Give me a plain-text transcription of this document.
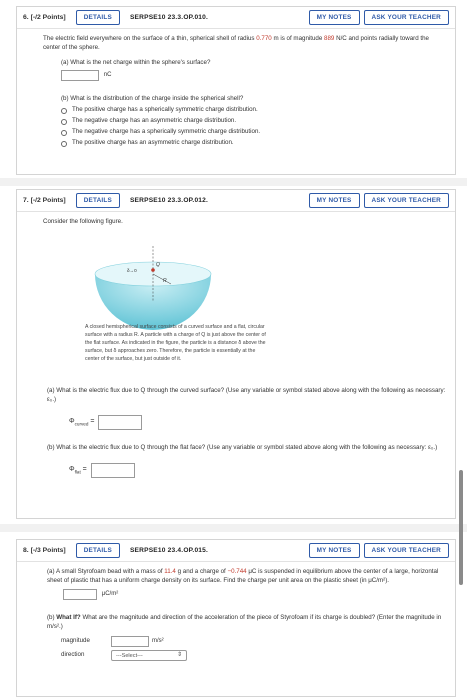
6. [-/2 Points]	DETAILS	SERPSE10 23.3.OP.010.	MY NOTES	ASK YOUR TEACHER
The electric field everywhere on the surface of a thin, spherical shell of radius 0.770 m is of magnitude 889 N/C and points radially toward the center of the sphere.
(a) What is the net charge within the sphere's surface?
nC
(b) What is the distribution of the charge inside the spherical shell?
The positive charge has a spherically symmetric charge distribution.
The negative charge has an asymmetric charge distribution.
The negative charge has a spherically symmetric charge distribution.
The positive charge has an asymmetric charge distribution.
7. [-/2 Points]	DETAILS	SERPSE10 23.3.OP.012.	MY NOTES	ASK YOUR TEACHER
Consider the following figure.
δ→0
Q
R
A closed hemispherical surface consists of a curved surface and a flat, circular surface with a radius R. A particle with a charge of Q is just above the center of the flat surface. As indicated in the figure, the particle is a distance δ above the surface, but δ approaches zero. Therefore, the particle is essentially at the center of the surface, but just outside of it.
(a) What is the electric flux due to Q through the curved surface? (Use any variable or symbol stated above along with the following as necessary: ε₀.)
$\Phi_{curved}$ =
(b) What is the electric flux due to Q through the flat face? (Use any variable or symbol stated above along with the following as necessary: ε₀.)
$\Phi_{flat}$ =
8. [-/3 Points]	DETAILS	SERPSE10 23.4.OP.015.	MY NOTES	ASK YOUR TEACHER
(a) A small Styrofoam bead with a mass of 11.4 g and a charge of −0.744 μC is suspended in equilibrium above the center of a large, horizontal sheet of plastic that has a uniform charge density on its surface. Find the charge per unit area on the plastic sheet (in μC/m²).
μC/m²
(b) What If? What are the magnitude and direction of the acceleration of the piece of Styrofoam if its charge is doubled? (Enter the magnitude in m/s².)
magnitude	m/s²
direction	---Select---	⇕
